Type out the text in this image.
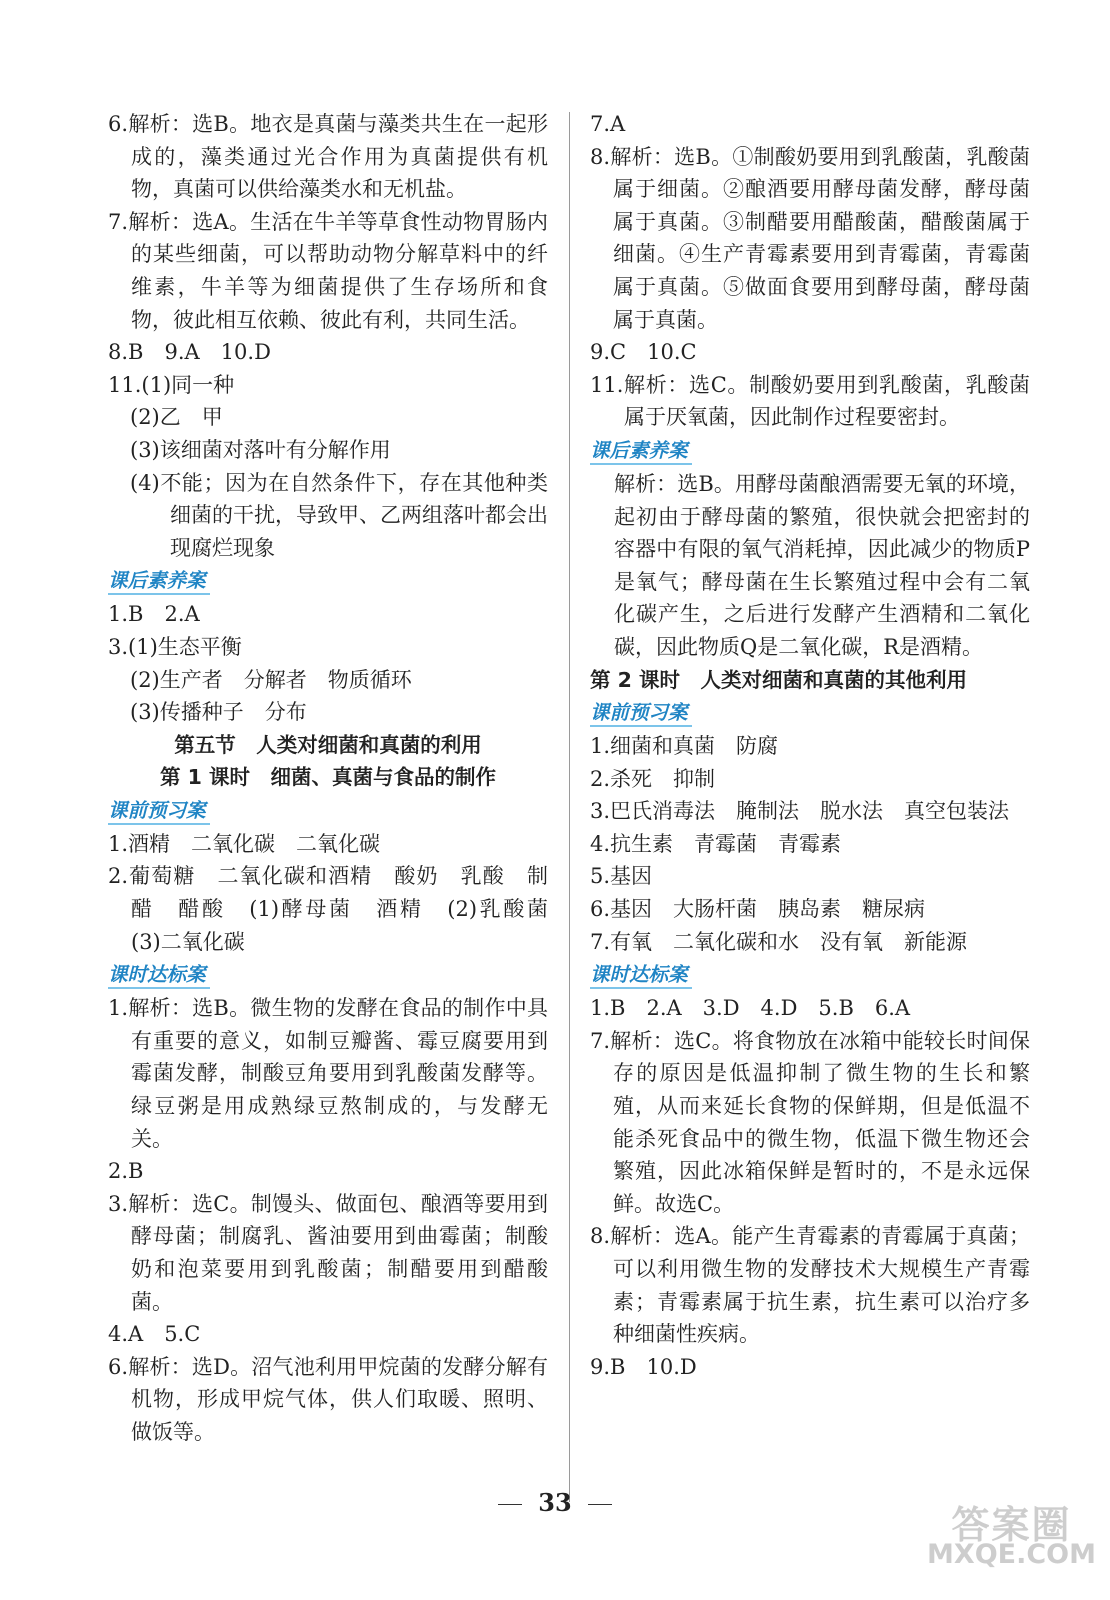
6.解析：选B。地衣是真菌与藻类共生在一起形成的，藻类通过光合作用为真菌提供有机物，真菌可以供给藻类水和无机盐。
7.解析：选A。生活在牛羊等草食性动物胃肠内的某些细菌，可以帮助动物分解草料中的纤维素，牛羊等为细菌提供了生存场所和食物，彼此相互依赖、彼此有利，共同生活。
8.B　9.A　10.D
11.(1)同一种
(2)乙　甲
(3)该细菌对落叶有分解作用
(4)不能；因为在自然条件下，存在其他种类细菌的干扰，导致甲、乙两组落叶都会出现腐烂现象
课后素养案
1.B　2.A
3.(1)生态平衡
(2)生产者　分解者　物质循环
(3)传播种子　分布
第五节　人类对细菌和真菌的利用
第 1 课时　细菌、真菌与食品的制作
课前预习案
1.酒精　二氧化碳　二氧化碳
2.葡萄糖　二氧化碳和酒精　酸奶　乳酸　制醋　醋酸　(1)酵母菌　酒精　(2)乳酸菌　(3)二氧化碳
课时达标案
1.解析：选B。微生物的发酵在食品的制作中具有重要的意义，如制豆瓣酱、霉豆腐要用到霉菌发酵，制酸豆角要用到乳酸菌发酵等。绿豆粥是用成熟绿豆熬制成的，与发酵无关。
2.B
3.解析：选C。制馒头、做面包、酿酒等要用到酵母菌；制腐乳、酱油要用到曲霉菌；制酸奶和泡菜要用到乳酸菌；制醋要用到醋酸菌。
4.A　5.C
6.解析：选D。沼气池利用甲烷菌的发酵分解有机物，形成甲烷气体，供人们取暖、照明、做饭等。
7.A
8.解析：选B。①制酸奶要用到乳酸菌，乳酸菌属于细菌。②酿酒要用酵母菌发酵，酵母菌属于真菌。③制醋要用醋酸菌，醋酸菌属于细菌。④生产青霉素要用到青霉菌，青霉菌属于真菌。⑤做面食要用到酵母菌，酵母菌属于真菌。
9.C　10.C
11.解析：选C。制酸奶要用到乳酸菌，乳酸菌属于厌氧菌，因此制作过程要密封。
课后素养案
解析：选B。用酵母菌酿酒需要无氧的环境，起初由于酵母菌的繁殖，很快就会把密封的容器中有限的氧气消耗掉，因此减少的物质P是氧气；酵母菌在生长繁殖过程中会有二氧化碳产生，之后进行发酵产生酒精和二氧化碳，因此物质Q是二氧化碳，R是酒精。
第 2 课时　人类对细菌和真菌的其他利用
课前预习案
1.细菌和真菌　防腐
2.杀死　抑制
3.巴氏消毒法　腌制法　脱水法　真空包装法
4.抗生素　青霉菌　青霉素
5.基因
6.基因　大肠杆菌　胰岛素　糖尿病
7.有氧　二氧化碳和水　没有氧　新能源
课时达标案
1.B　2.A　3.D　4.D　5.B　6.A
7.解析：选C。将食物放在冰箱中能较长时间保存的原因是低温抑制了微生物的生长和繁殖，从而来延长食物的保鲜期，但是低温不能杀死食品中的微生物，低温下微生物还会繁殖，因此冰箱保鲜是暂时的，不是永远保鲜。故选C。
8.解析：选A。能产生青霉素的青霉属于真菌；可以利用微生物的发酵技术大规模生产青霉素；青霉素属于抗生素，抗生素可以治疗多种细菌性疾病。
9.B　10.D
33
答案圈
MXQE.COM
